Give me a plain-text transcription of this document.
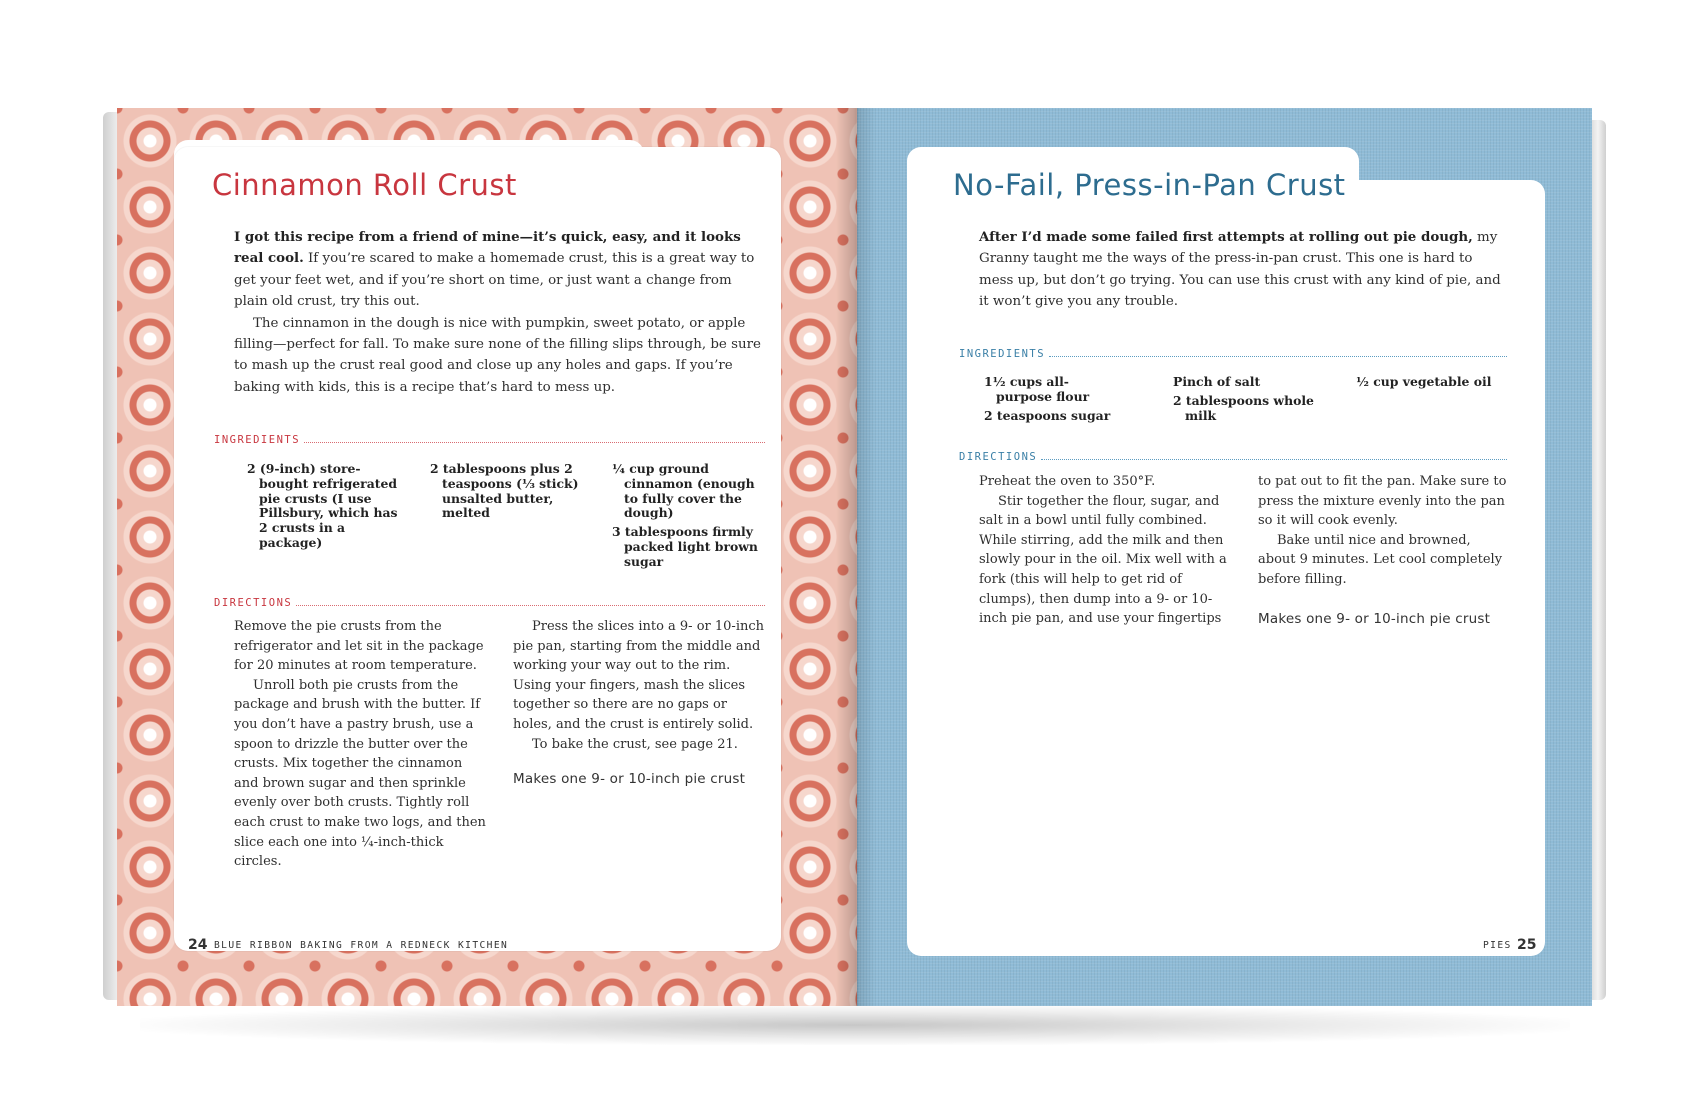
Cinnamon Roll Crust
I got this recipe from a friend of mine—it’s quick, easy, and it looks real cool. If you’re scared to make a homemade crust, this is a great way to get your feet wet, and if you’re short on time, or just want a change from plain old crust, try this out.
The cinnamon in the dough is nice with pumpkin, sweet potato, or apple filling—perfect for fall. To make sure none of the filling slips through, be sure to mash up the crust real good and close up any holes and gaps. If you’re baking with kids, this is a recipe that’s hard to mess up.
INGREDIENTS
2 (9-inch) store-bought refrigerated pie crusts (I use Pillsbury, which has 2 crusts in a package)
2 tablespoons plus 2 teaspoons (⅓ stick) unsalted butter, melted
¼ cup ground cinnamon (enough to fully cover the dough)
3 tablespoons firmly packed light brown sugar
DIRECTIONS
Remove the pie crusts from the refrigerator and let sit in the package for 20 minutes at room temperature.
Unroll both pie crusts from the package and brush with the butter. If you don’t have a pastry brush, use a spoon to drizzle the butter over the crusts. Mix together the cinnamon and brown sugar and then sprinkle evenly over both crusts. Tightly roll each crust to make two logs, and then slice each one into ¼-inch-thick circles.
Press the slices into a 9- or 10-inch pie pan, starting from the middle and working your way out to the rim. Using your fingers, mash the slices together so there are no gaps or holes, and the crust is entirely solid.
To bake the crust, see page 21.
Makes one 9- or 10-inch pie crust
24 BLUE RIBBON BAKING FROM A REDNECK KITCHEN
No-Fail, Press-in-Pan Crust
After I’d made some failed first attempts at rolling out pie dough, my Granny taught me the ways of the press-in-pan crust. This one is hard to mess up, but don’t go trying. You can use this crust with any kind of pie, and it won’t give you any trouble.
INGREDIENTS
1½ cups all-purpose flour
2 teaspoons sugar
Pinch of salt
2 tablespoons whole milk
½ cup vegetable oil
DIRECTIONS
Preheat the oven to 350°F.
Stir together the flour, sugar, and salt in a bowl until fully combined. While stirring, add the milk and then slowly pour in the oil. Mix well with a fork (this will help to get rid of clumps), then dump into a 9- or 10-inch pie pan, and use your fingertips
to pat out to fit the pan. Make sure to press the mixture evenly into the pan so it will cook evenly.
Bake until nice and browned, about 9 minutes. Let cool completely before filling.
Makes one 9- or 10-inch pie crust
PIES 25
